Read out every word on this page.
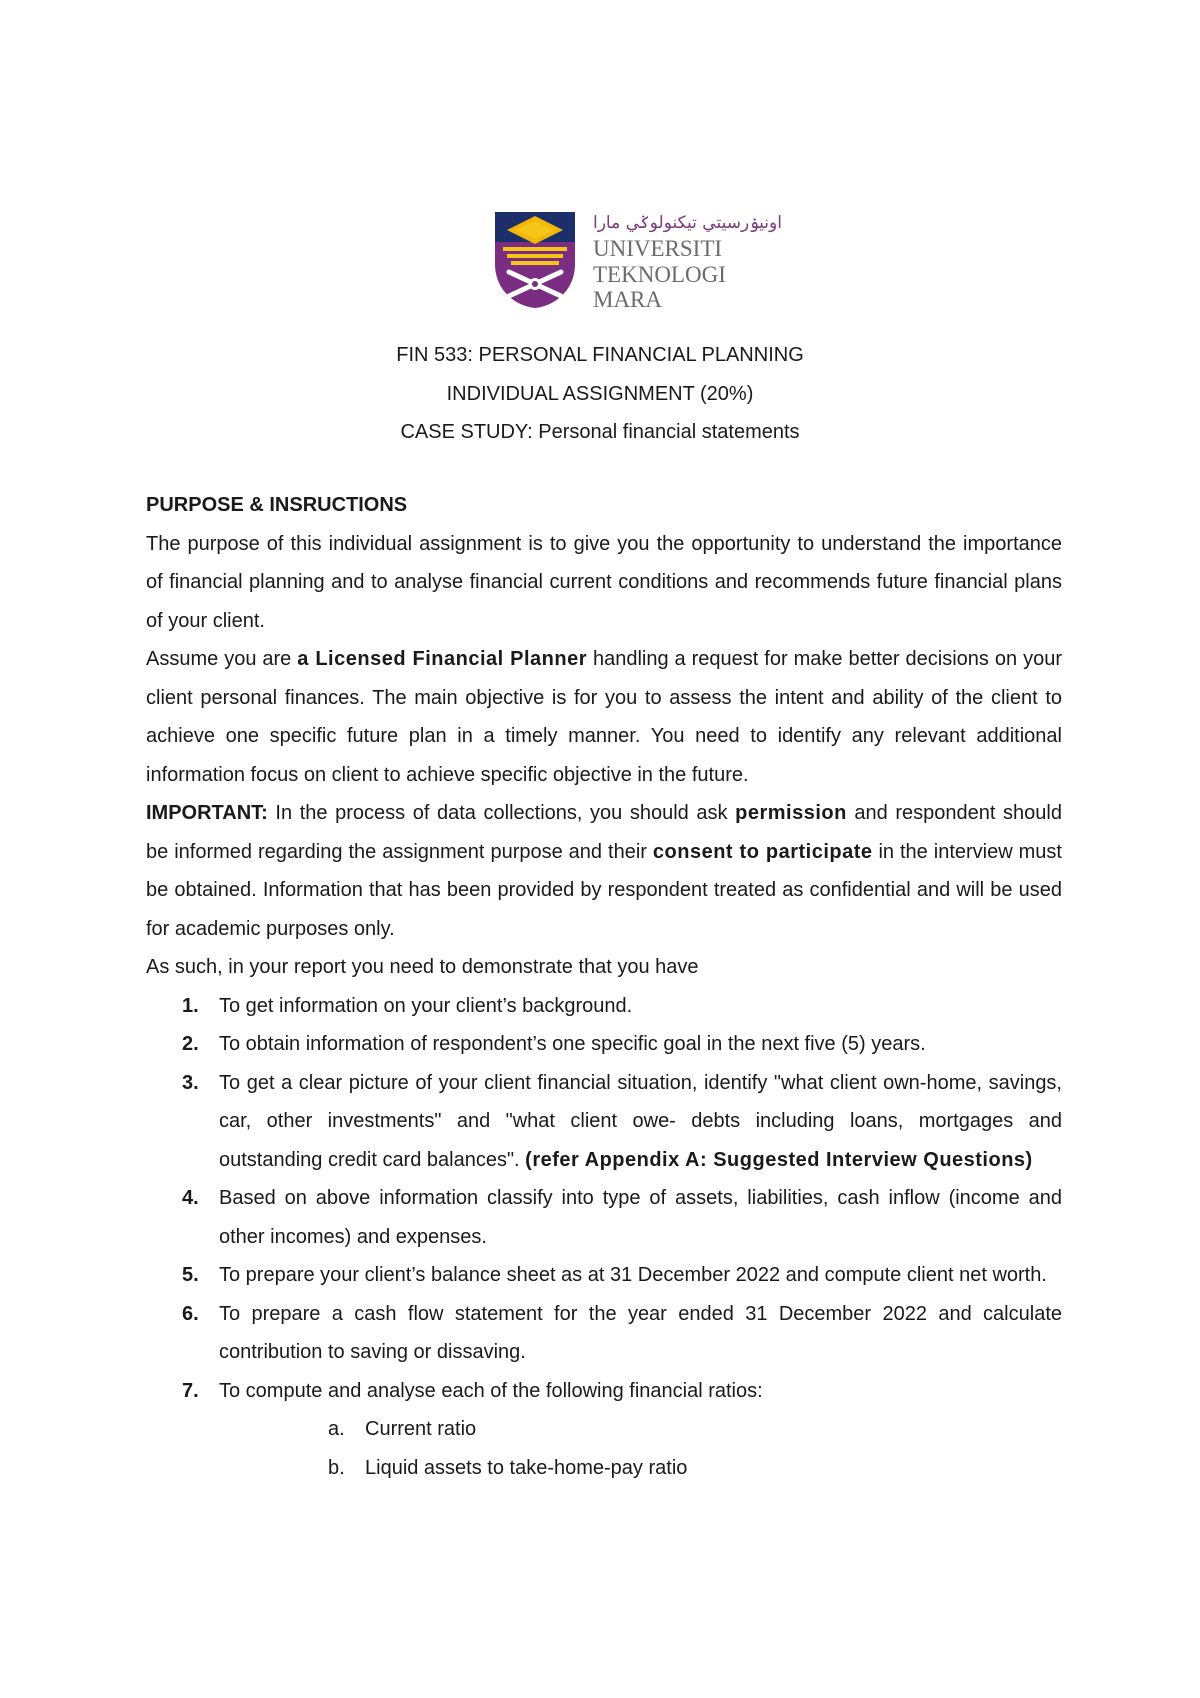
اونيۏرسيتي تيکنولوݢي مارا
UNIVERSITI
TEKNOLOGI
MARA
FIN 533: PERSONAL FINANCIAL PLANNING
INDIVIDUAL ASSIGNMENT (20%)
CASE STUDY: Personal financial statements
PURPOSE & INSRUCTIONS
The purpose of this individual assignment is to give you the opportunity to understand the importance of financial planning and to analyse financial current conditions and recommends future financial plans of your client.
Assume you are a Licensed Financial Planner handling a request for make better decisions on your client personal finances. The main objective is for you to assess the intent and ability of the client to achieve one specific future plan in a timely manner. You need to identify any relevant additional information focus on client to achieve specific objective in the future.
IMPORTANT: In the process of data collections, you should ask permission and respondent should be informed regarding the assignment purpose and their consent to participate in the interview must be obtained. Information that has been provided by respondent treated as confidential and will be used for academic purposes only.
As such, in your report you need to demonstrate that you have
1. To get information on your client’s background.
2. To obtain information of respondent’s one specific goal in the next five (5) years.
3. To get a clear picture of your client financial situation, identify "what client own-home, savings, car, other investments" and "what client owe- debts including loans, mortgages and outstanding credit card balances". (refer Appendix A: Suggested Interview Questions)
4. Based on above information classify into type of assets, liabilities, cash inflow (income and other incomes) and expenses.
5. To prepare your client’s balance sheet as at 31 December 2022 and compute client net worth.
6. To prepare a cash flow statement for the year ended 31 December 2022 and calculate contribution to saving or dissaving.
7. To compute and analyse each of the following financial ratios:
a. Current ratio
b. Liquid assets to take-home-pay ratio
